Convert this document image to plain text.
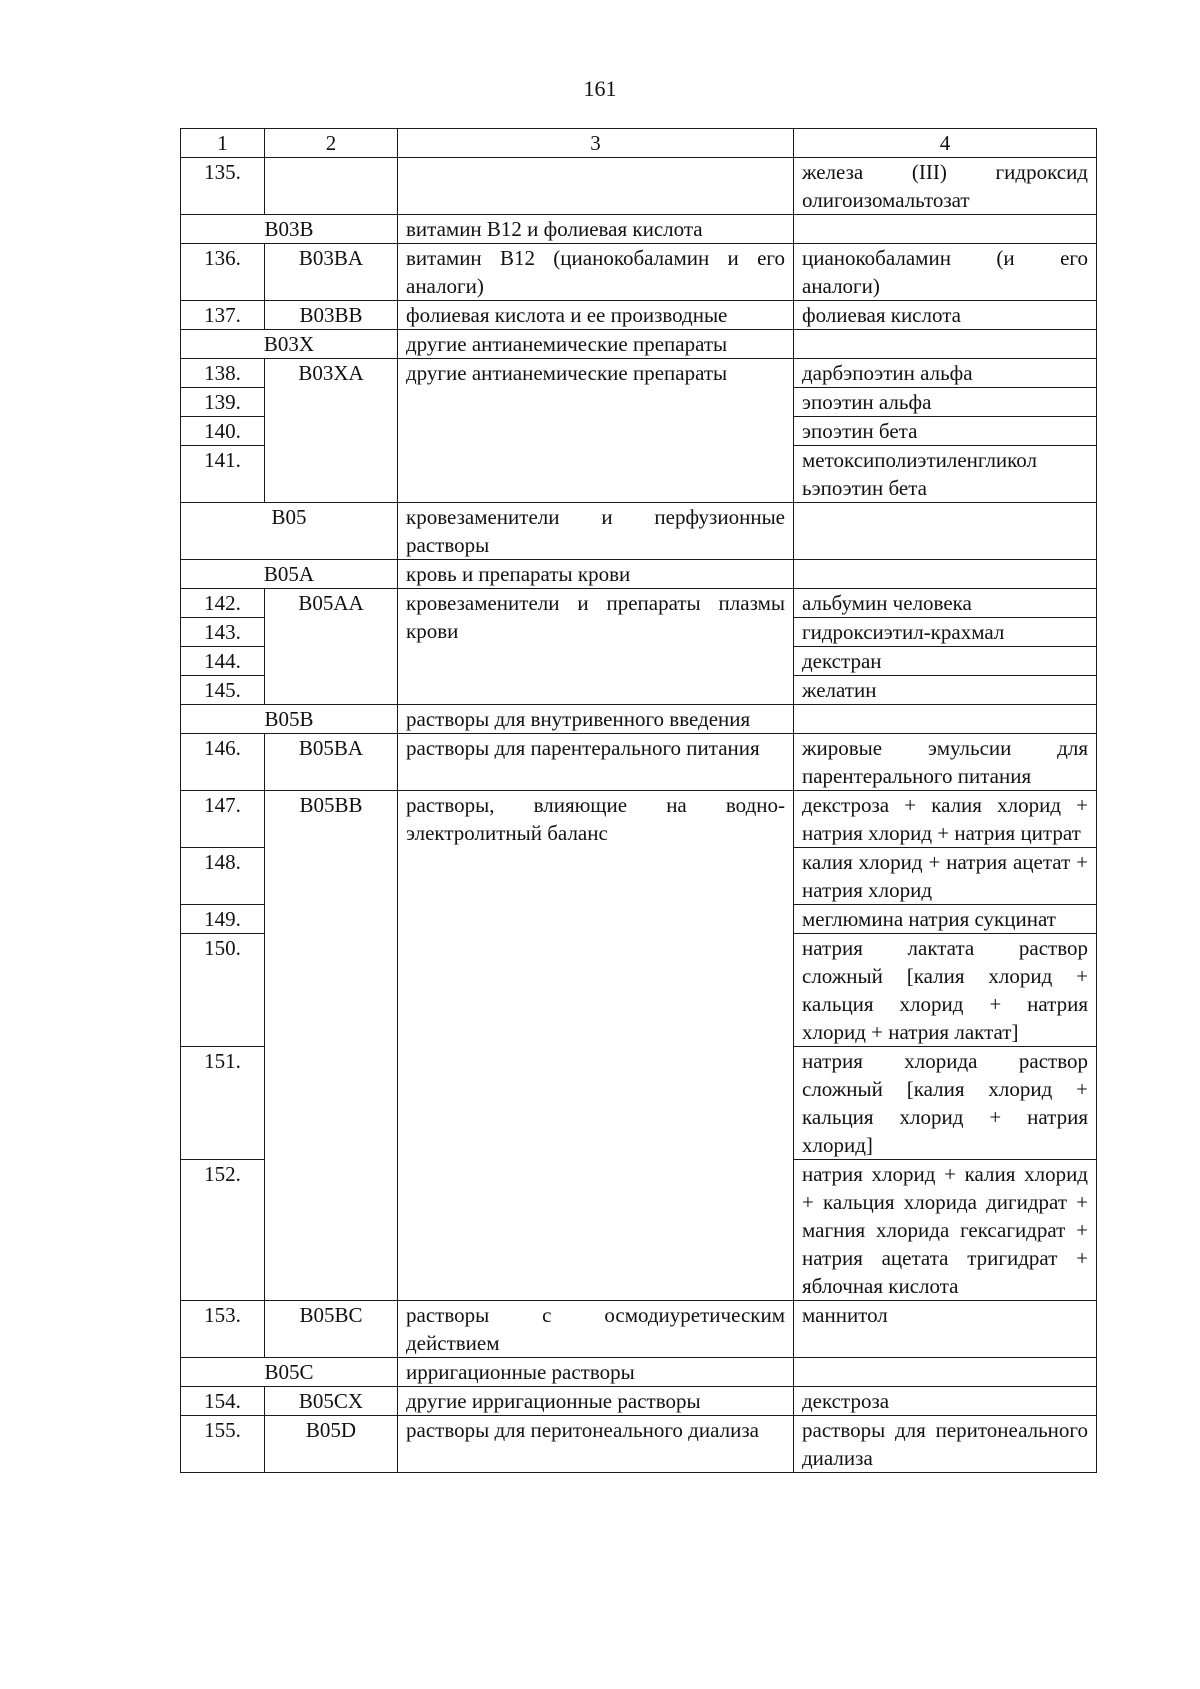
161
1	2	3	4
135.			железа (III) гидроксид олигоизомальтозат
B03B		витамин B12 и фолиевая кислота	
136.	B03BA	витамин B12 (цианокобаламин и его аналоги)	цианокобаламин (и его аналоги)
137.	B03BB	фолиевая кислота и ее производные	фолиевая кислота
B03X		другие антианемические препараты	
138.	B03XA	другие антианемические препараты	дарбэпоэтин альфа
139.			эпоэтин альфа
140.			эпоэтин бета
141.			метоксиполиэтиленгликол ьэпоэтин бета
B05		кровезаменители и перфузионные растворы	
B05A		кровь и препараты крови	
142.	B05AA	кровезаменители и препараты плазмы крови	альбумин человека
143.			гидроксиэтил-крахмал
144.			декстран
145.			желатин
B05B		растворы для внутривенного введения	
146.	B05BA	растворы для парентерального питания	жировые эмульсии для парентерального питания
147.	B05BB	растворы, влияющие на водно-электролитный баланс	декстроза + калия хлорид + натрия хлорид + натрия цитрат
148.			калия хлорид + натрия ацетат + натрия хлорид
149.			меглюмина натрия сукцинат
150.			натрия лактата раствор сложный [калия хлорид + кальция хлорид + натрия хлорид + натрия лактат]
151.			натрия хлорида раствор сложный [калия хлорид + кальция хлорид + натрия хлорид]
152.			натрия хлорид + калия хлорид + кальция хлорида дигидрат + магния хлорида гексагидрат + натрия ацетата тригидрат + яблочная кислота
153.	B05BC	растворы с осмодиуретическим действием	маннитол
B05C		ирригационные растворы	
154.	B05CX	другие ирригационные растворы	декстроза
155.	B05D	растворы для перитонеального диализа	растворы для перитонеального диализа
